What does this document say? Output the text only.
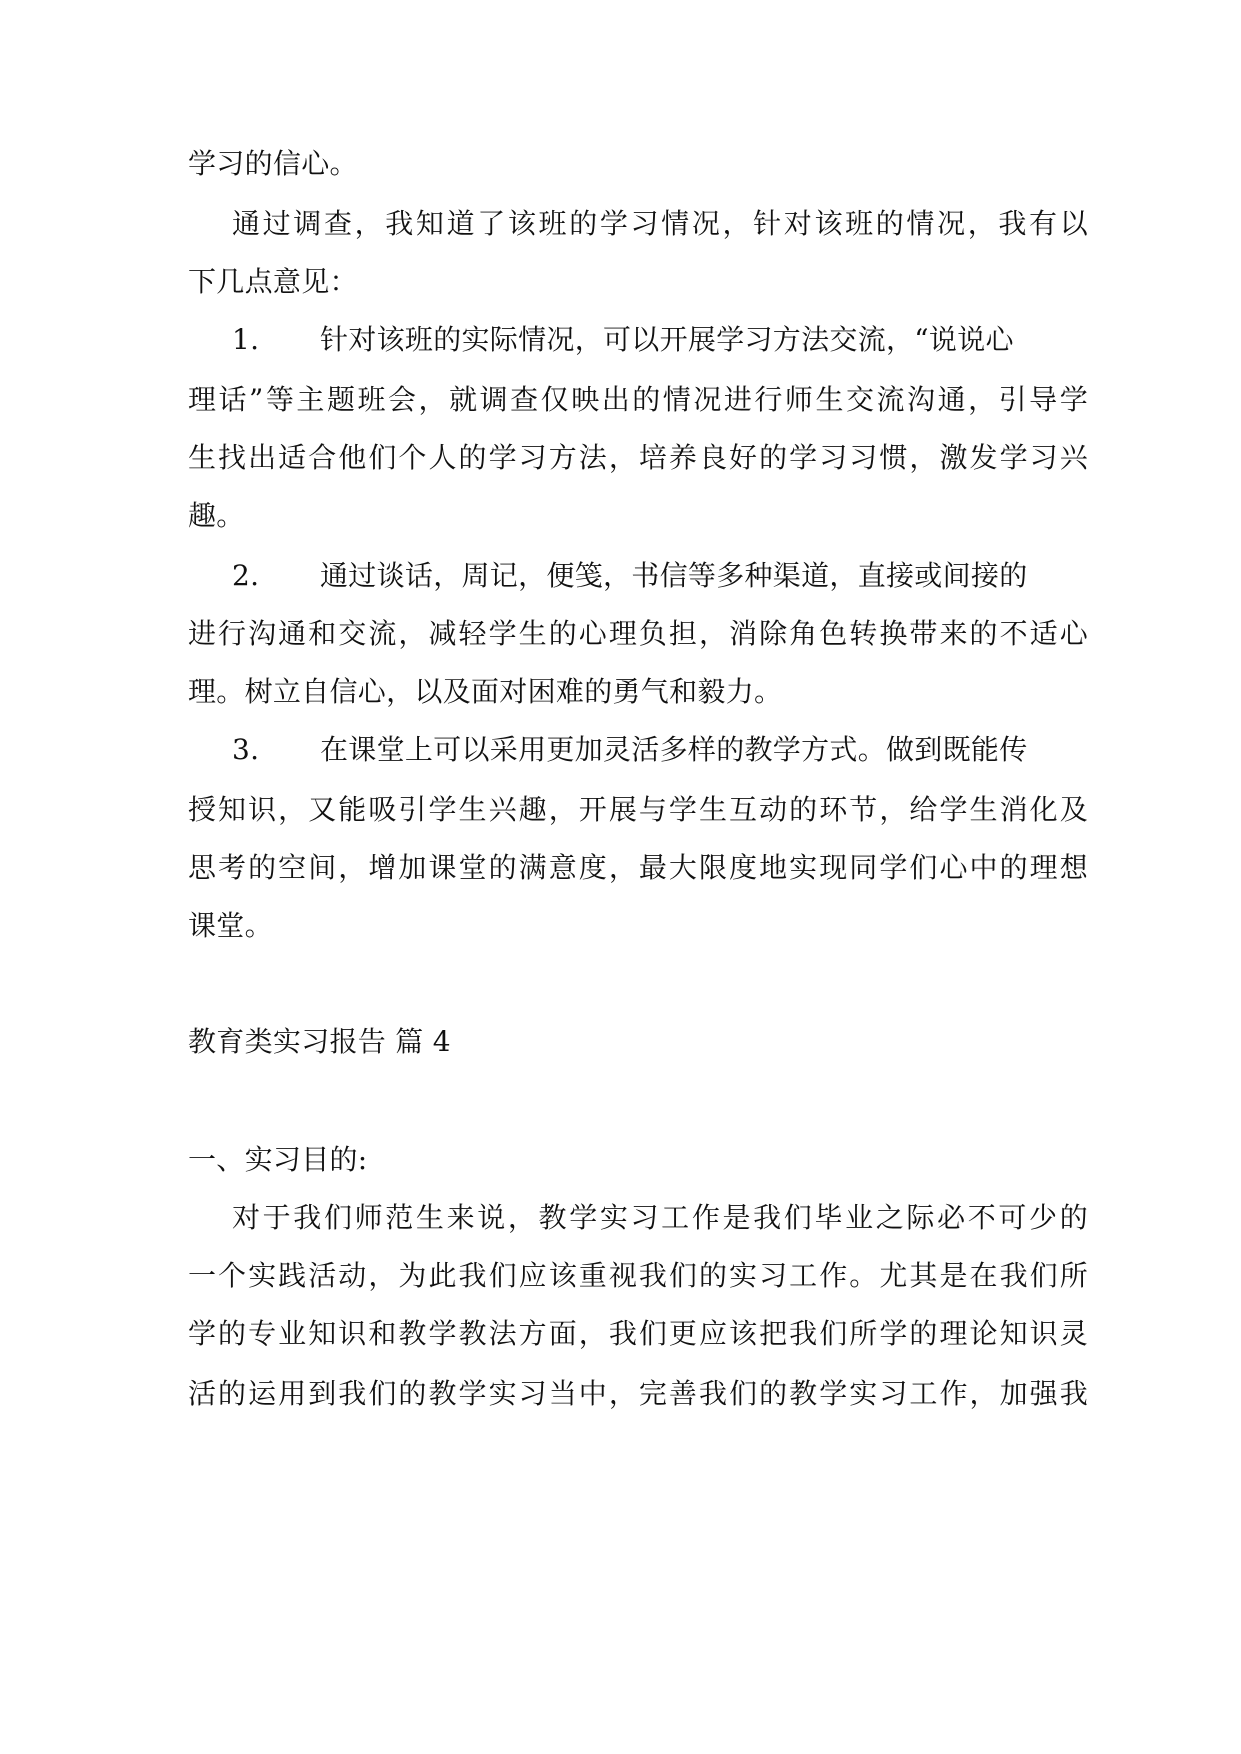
学习的信心。
通过调查，我知道了该班的学习情况，针对该班的情况，我有以
下几点意见：
1. 针对该班的实际情况，可以开展学习方法交流，“说说心
理话”等主题班会，就调查仅映出的情况进行师生交流沟通，引导学
生找出适合他们个人的学习方法，培养良好的学习习惯，激发学习兴
趣。
2. 通过谈话，周记，便笺，书信等多种渠道，直接或间接的
进行沟通和交流，减轻学生的心理负担，消除角色转换带来的不适心
理。树立自信心，以及面对困难的勇气和毅力。
3. 在课堂上可以采用更加灵活多样的教学方式。做到既能传
授知识，又能吸引学生兴趣，开展与学生互动的环节，给学生消化及
思考的空间，增加课堂的满意度，最大限度地实现同学们心中的理想
课堂。
教育类实习报告 篇 4
一、实习目的:
对于我们师范生来说，教学实习工作是我们毕业之际必不可少的
一个实践活动，为此我们应该重视我们的实习工作。尤其是在我们所
学的专业知识和教学教法方面，我们更应该把我们所学的理论知识灵
活的运用到我们的教学实习当中，完善我们的教学实习工作，加强我
